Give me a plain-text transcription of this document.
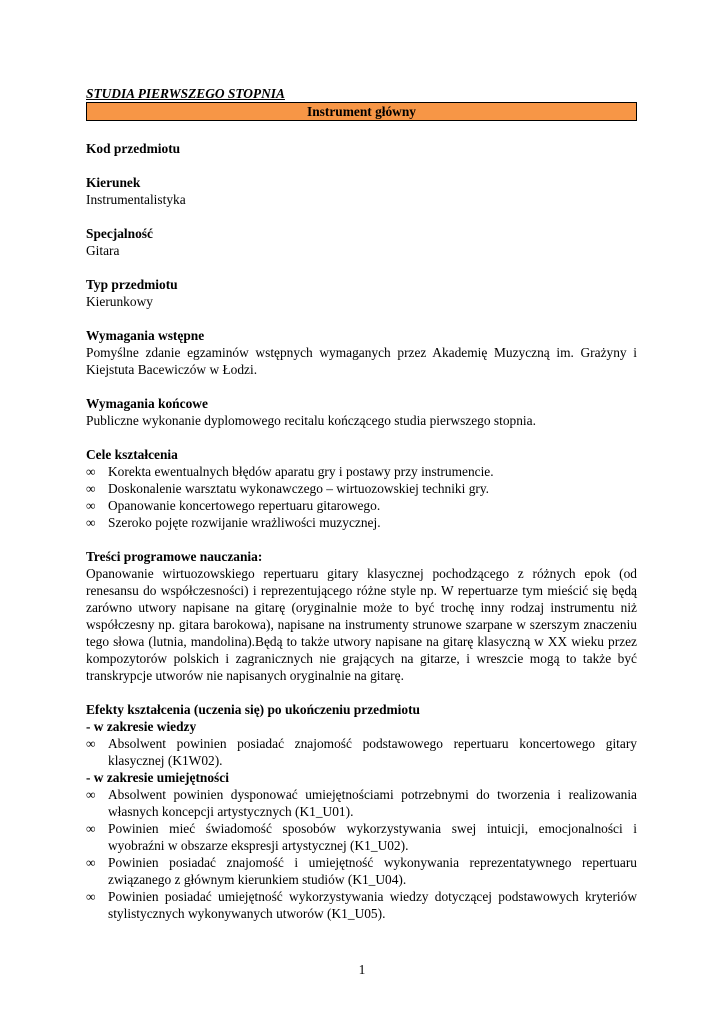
STUDIA PIERWSZEGO STOPNIA

Instrument główny
Kod przedmiotu
Kierunek
Instrumentalistyka
Specjalność
Gitara
Typ przedmiotu
Kierunkowy
Wymagania wstępne
Pomyślne zdanie egzaminów wstępnych wymaganych przez Akademię Muzyczną im. Grażyny i Kiejstuta Bacewiczów w Łodzi.
Wymagania końcowe
Publiczne wykonanie dyplomowego recitalu kończącego studia pierwszego stopnia.
Cele kształcenia
∞ Korekta ewentualnych błędów aparatu gry i postawy przy instrumencie.
∞ Doskonalenie warsztatu wykonawczego – wirtuozowskiej techniki gry.
∞ Opanowanie koncertowego repertuaru gitarowego.
∞ Szeroko pojęte rozwijanie wrażliwości muzycznej.
Treści programowe nauczania:
Opanowanie wirtuozowskiego repertuaru gitary klasycznej pochodzącego z różnych epok (od renesansu do współczesności) i reprezentującego różne style np. W repertuarze tym mieścić się będą zarówno utwory napisane na gitarę (oryginalnie może to być trochę inny rodzaj instrumentu niż współczesny np. gitara barokowa), napisane na instrumenty strunowe szarpane w szerszym znaczeniu tego słowa (lutnia, mandolina).Będą to także utwory napisane na gitarę klasyczną w XX wieku przez kompozytorów polskich i zagranicznych nie grających na gitarze, i wreszcie mogą to także być transkrypcje utworów nie napisanych oryginalnie na gitarę.
Efekty kształcenia (uczenia się) po ukończeniu przedmiotu
- w zakresie wiedzy
∞ Absolwent powinien posiadać znajomość podstawowego repertuaru koncertowego gitary klasycznej (K1W02).
- w zakresie umiejętności
∞ Absolwent powinien dysponować umiejętnościami potrzebnymi do tworzenia i realizowania własnych koncepcji artystycznych (K1_U01).
∞ Powinien mieć świadomość sposobów wykorzystywania swej intuicji, emocjonalności i wyobraźni w obszarze ekspresji artystycznej (K1_U02).
∞ Powinien posiadać znajomość i umiejętność wykonywania reprezentatywnego repertuaru związanego z głównym kierunkiem studiów (K1_U04).
∞ Powinien posiadać umiejętność wykorzystywania wiedzy dotyczącej podstawowych kryteriów stylistycznych wykonywanych utworów (K1_U05).
1
